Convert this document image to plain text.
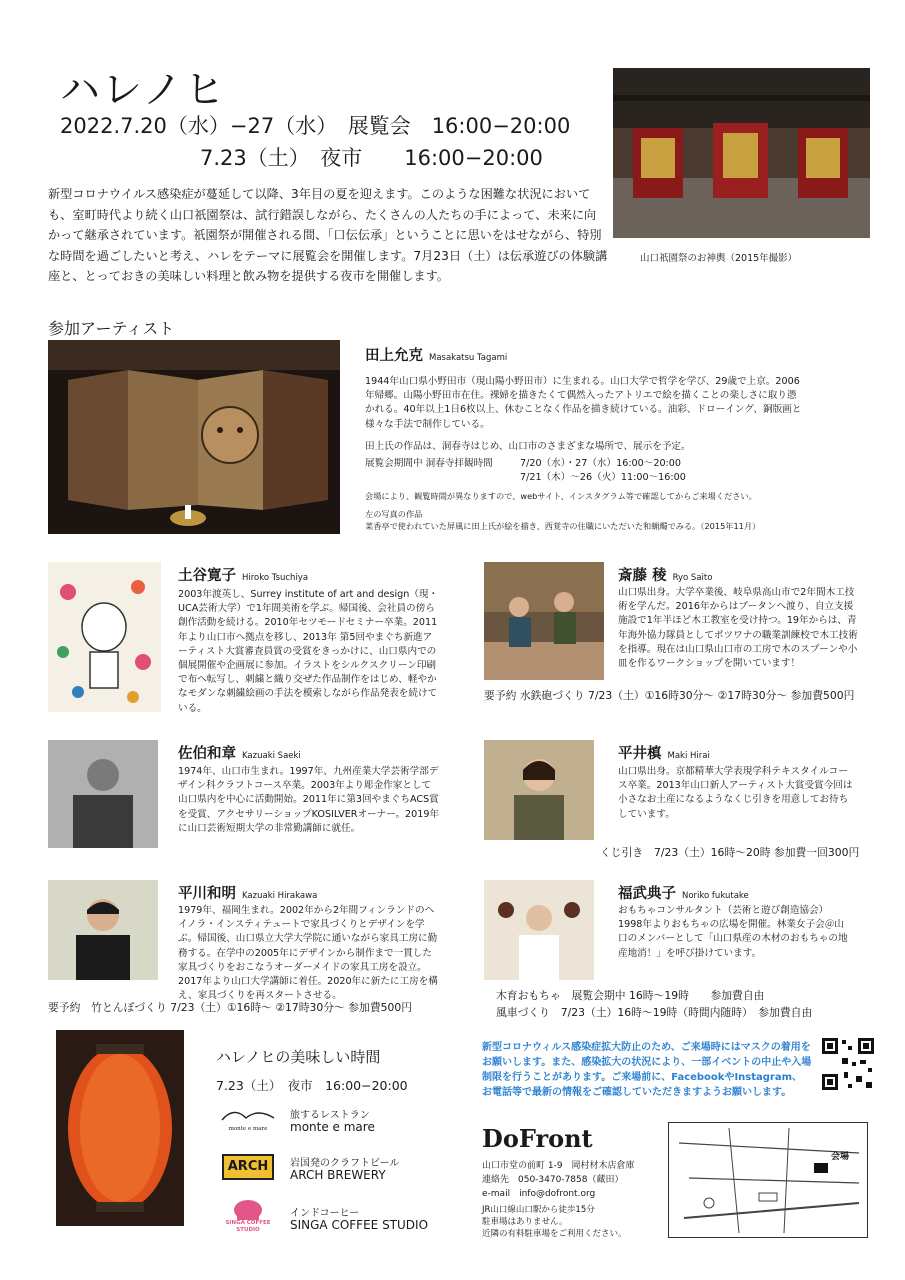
ハレノヒ
2022.7.20（水）−27（水）　展覧会　16:00−20:00
7.23（土）　夜市　　16:00−20:00
山口祇園祭のお神輿（2015年撮影）
新型コロナウイルス感染症が蔓延して以降、3年目の夏を迎えます。このような困難な状況においても、室町時代より続く山口祇園祭は、試行錯誤しながら、たくさんの人たちの手によって、未来に向かって継承されています。祇園祭が開催される間、「口伝伝承」ということに思いをはせながら、特別な時間を過ごしたいと考え、ハレをテーマに展覧会を開催します。7月23日（土）は伝承遊びの体験講座と、とっておきの美味しい料理と飲み物を提供する夜市を開催します。
参加アーティスト
田上允克 Masakatsu Tagami
1944年山口県小野田市（現山陽小野田市）に生まれる。山口大学で哲学を学び、29歳で上京。2006年帰郷。山陽小野田市在住。裸婦を描きたくて偶然入ったアトリエで絵を描くことの楽しさに取り憑かれる。40年以上1日6枚以上、休むことなく作品を描き続けている。油彩、ドローイング、銅版画と様々な手法で制作している。
田上氏の作品は、洞春寺はじめ、山口市のさまざまな場所で、展示を予定。
展覧会期間中 洞春寺拝観時間	7/20（水）・27（水）16:00〜20:00
7/21（木）〜26（火）11:00〜16:00
会場により、観覧時間が異なりますので、webサイト、インスタグラム等で確認してからご来場ください。
左の写真の作品
菜香亭で使われていた屏風に田上氏が絵を描き、西覚寺の住職にいただいた和蝋燭でみる。（2015年11月）
土谷寛子 Hiroko Tsuchiya
2003年渡英し、Surrey institute of art and design（現・UCA芸術大学）で1年間美術を学ぶ。帰国後、会社員の傍ら創作活動を続ける。2010年セツモードセミナー卒業。2011年より山口市へ拠点を移し、2013年 第5回やまぐち新進アーティスト大賞審査員賞の受賞をきっかけに、山口県内での個展開催や企画展に参加。イラストをシルクスクリーン印刷で布へ転写し、刺繍と織り交ぜた作品制作をはじめ、軽やかなモダンな刺繍絵画の手法を模索しながら作品発表を続けている。
斎藤 稜 Ryo Saito
山口県出身。大学卒業後、岐阜県高山市で2年間木工技術を学んだ。2016年からはブータンへ渡り、自立支援施設で1年半ほど木工教室を受け持つ。19年からは、青年海外協力隊員としてボツワナの職業訓練校で木工技術を指導。現在は山口県山口市の工房で木のスプーンや小皿を作るワークショップを開いています！
要予約 水鉄砲づくり 7/23（土）①16時30分〜 ②17時30分〜 参加費500円
佐伯和章 Kazuaki Saeki
1974年、山口市生まれ。1997年、九州産業大学芸術学部デザイン科クラフトコース卒業。2003年より彫金作家として山口県内を中心に活動開始。2011年に第3回やまぐちACS賞を受賞、アクセサリーショップKOSILVERオーナー。2019年に山口芸術短期大学の非常勤講師に就任。
平井槙 Maki Hirai
山口県出身。京都精華大学表現学科テキスタイルコース卒業。2013年山口新人アーティスト大賞受賞今回は小さなお土産になるようなくじ引きを用意してお待ちしています。
くじ引き　7/23（土）16時〜20時 参加費一回300円
平川和明 Kazuaki Hirakawa
1979年、福岡生まれ。2002年から2年間フィンランドのヘイノラ・インスティテュートで家具づくりとデザインを学ぶ。帰国後、山口県立大学大学院に通いながら家具工房に勤務する。在学中の2005年にデザインから制作まで一貫した家具づくりをおこなうオーダーメイドの家具工房を設立。2017年より山口大学講師に着任。2020年に新たに工房を構え、家具づくりを再スタートさせる。
要予約　竹とんぼづくり 7/23（土）①16時〜 ②17時30分〜 参加費500円
福武典子 Noriko fukutake
おもちゃコンサルタント（芸術と遊び創造協会）1998年よりおもちゃの広場を開催。林業女子会＠山口のメンバーとして「山口県産の木材のおもちゃの地産地消！」を呼び掛けています。
木育おもちゃ　展覧会期中 16時〜19時　　参加費自由
風車づくり　7/23（土）16時〜19時（時間内随時）　参加費自由
ハレノヒの美味しい時間
7.23（土）　夜市　16:00−20:00
monte e mare
旅するレストラン
monte e mare
ARCH	岩国発のクラフトビール
ARCH BREWERY
SINGA COFFEE STUDIO
インドコーヒー
SINGA COFFEE STUDIO
新型コロナウィルス感染症拡大防止のため、ご来場時にはマスクの着用をお願いします。また、感染拡大の状況により、一部イベントの中止や入場制限を行うことがあります。ご来場前に、FacebookやInstagram、お電話等で最新の情報をご確認していただきますようお願いします。
DoFront
山口市堂の前町 1-9　岡村材木店倉庫
連絡先　050-3470-7858（藏田）
e-mail　info@dofront.org
JR山口線山口駅から徒歩15分
駐車場はありません。
近隣の有料駐車場をご利用ください。
会場
